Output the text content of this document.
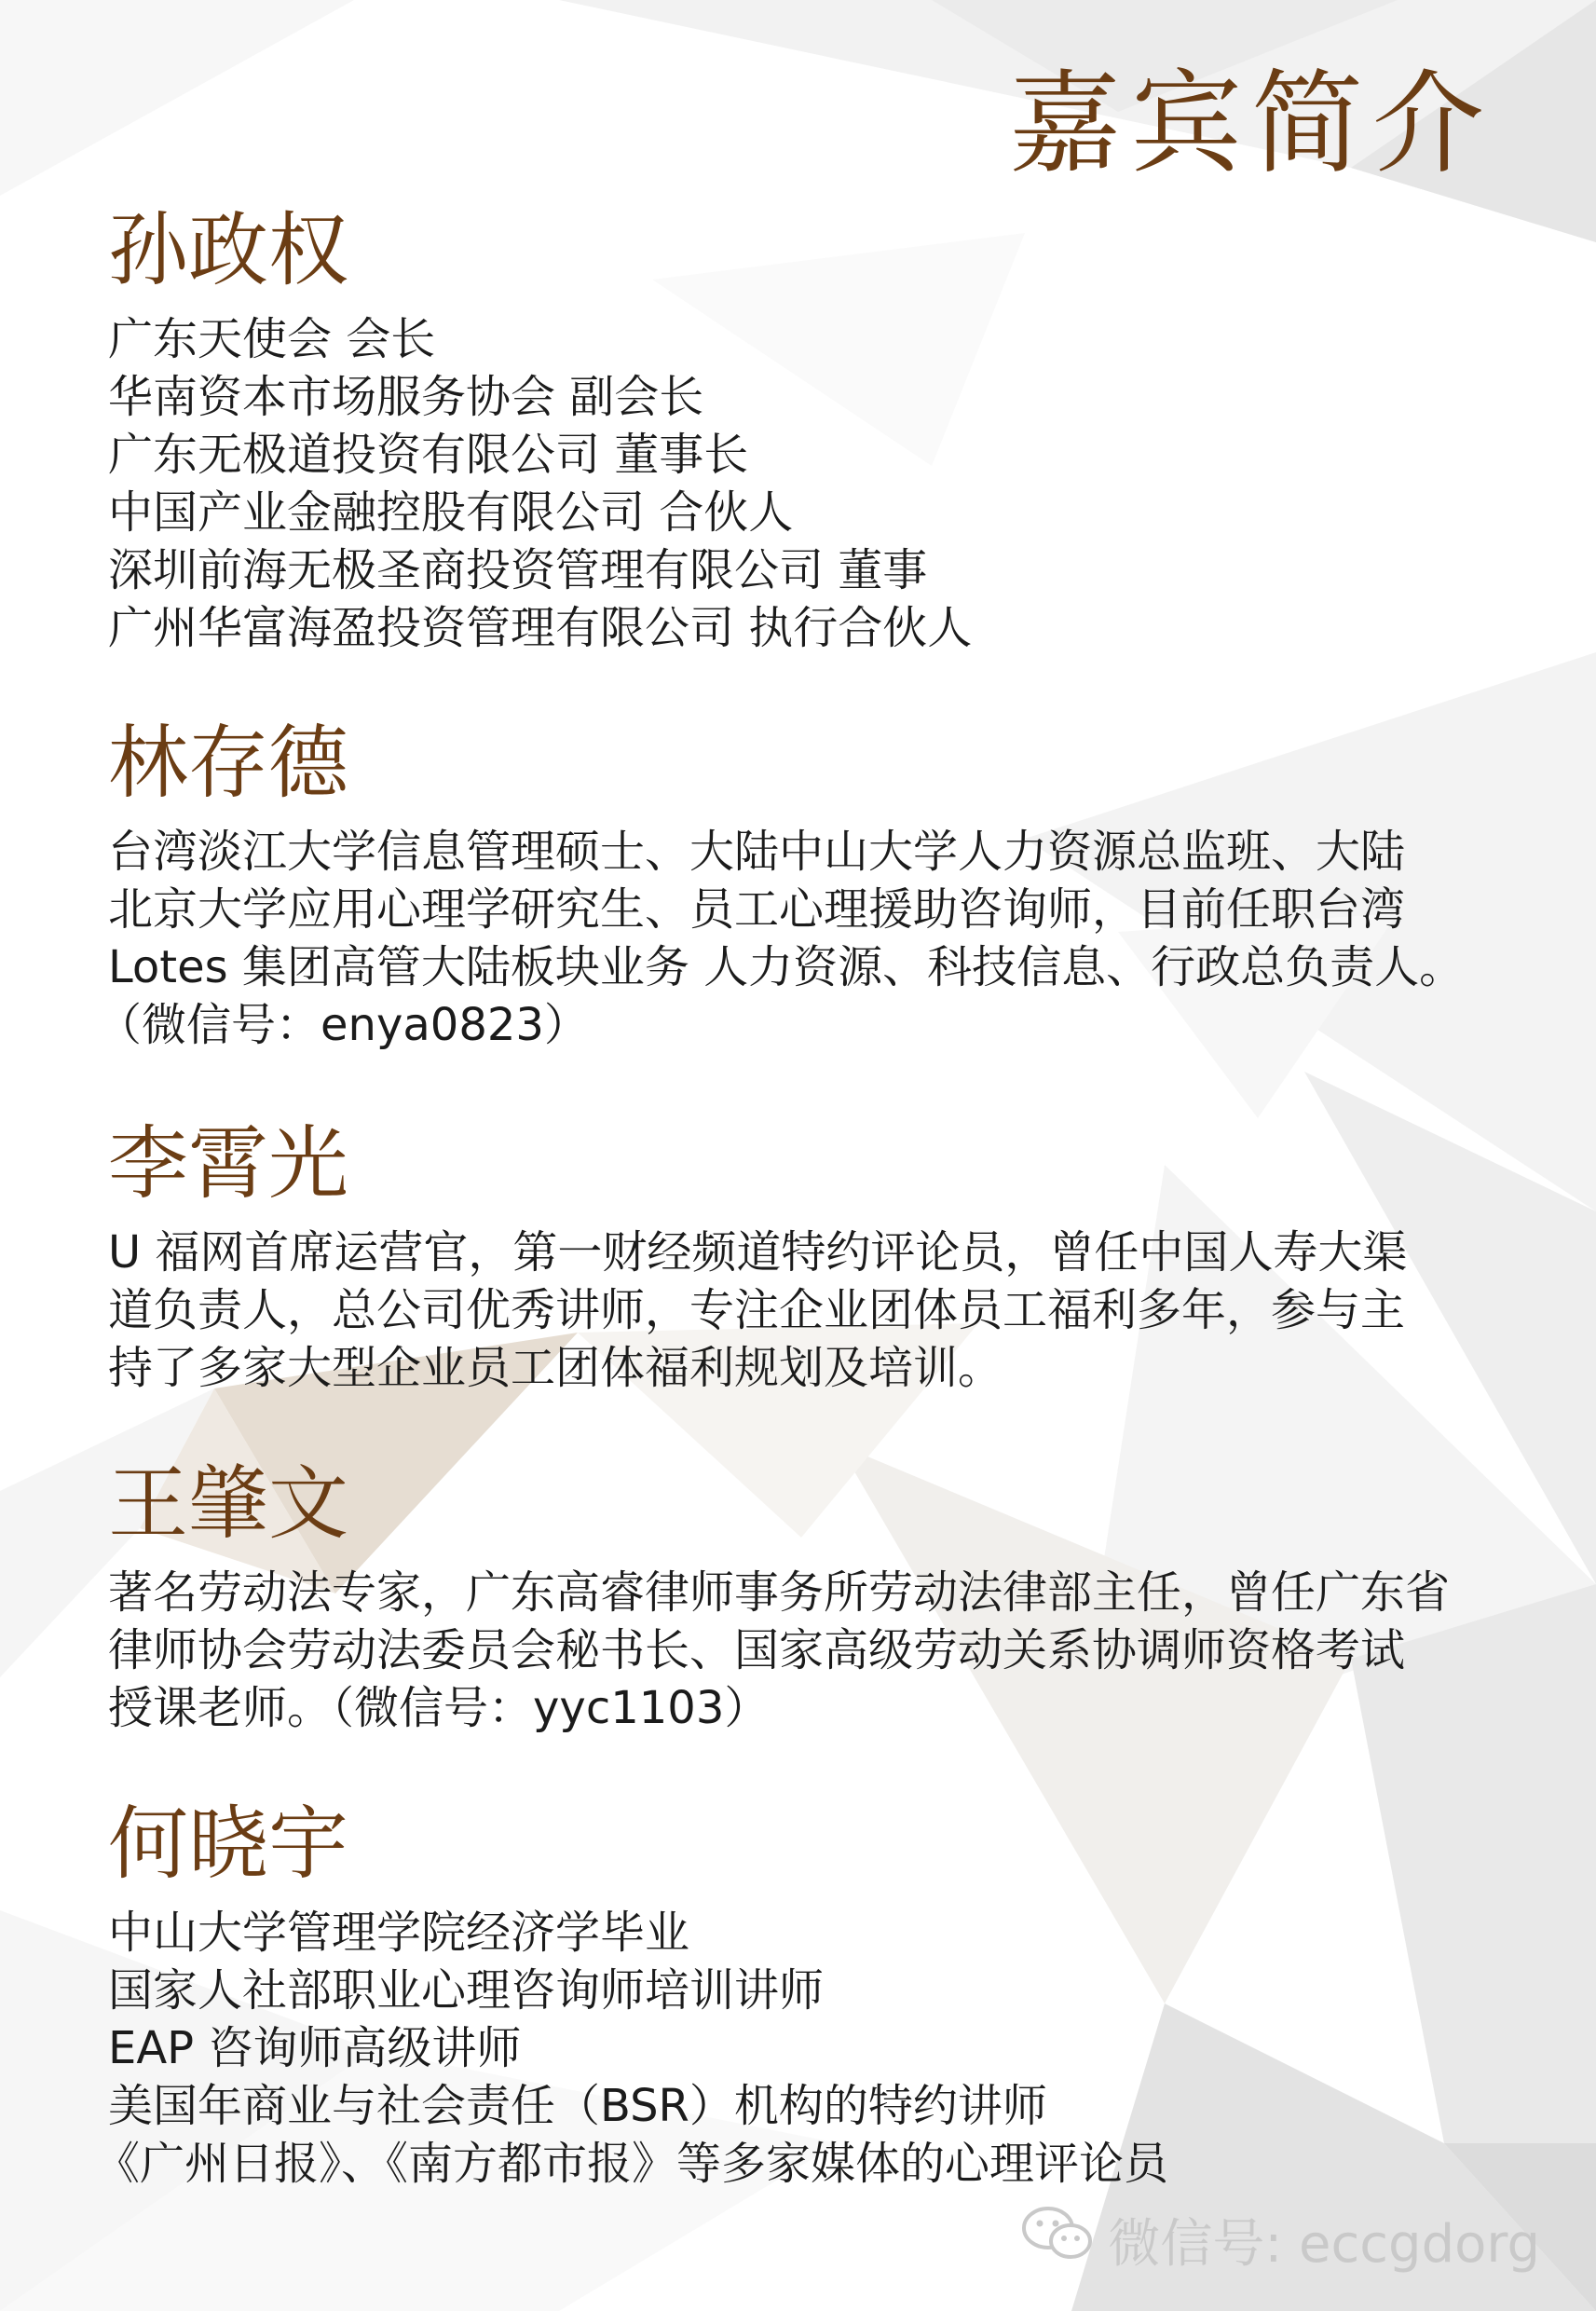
嘉宾简介
孙政权
广东天使会 会长
华南资本市场服务协会 副会长
广东无极道投资有限公司 董事长
中国产业金融控股有限公司 合伙人
深圳前海无极圣商投资管理有限公司 董事
广州华富海盈投资管理有限公司 执行合伙人
林存德
台湾淡江大学信息管理硕士、大陆中山大学人力资源总监班、大陆
北京大学应用心理学研究生、员工心理援助咨询师，目前任职台湾
Lotes 集团高管大陆板块业务 人力资源、科技信息、行政总负责人。
（微信号：enya0823）
李霄光
U 福网首席运营官，第一财经频道特约评论员，曾任中国人寿大渠
道负责人，总公司优秀讲师，专注企业团体员工福利多年，参与主
持了多家大型企业员工团体福利规划及培训。
王肇文
著名劳动法专家，广东高睿律师事务所劳动法律部主任，曾任广东省
律师协会劳动法委员会秘书长、国家高级劳动关系协调师资格考试
授课老师。（微信号：yyc1103）
何晓宇
中山大学管理学院经济学毕业
国家人社部职业心理咨询师培训讲师
EAP 咨询师高级讲师
美国年商业与社会责任（BSR）机构的特约讲师
《广州日报》、《南方都市报》等多家媒体的心理评论员
微信号: eccgdorg
